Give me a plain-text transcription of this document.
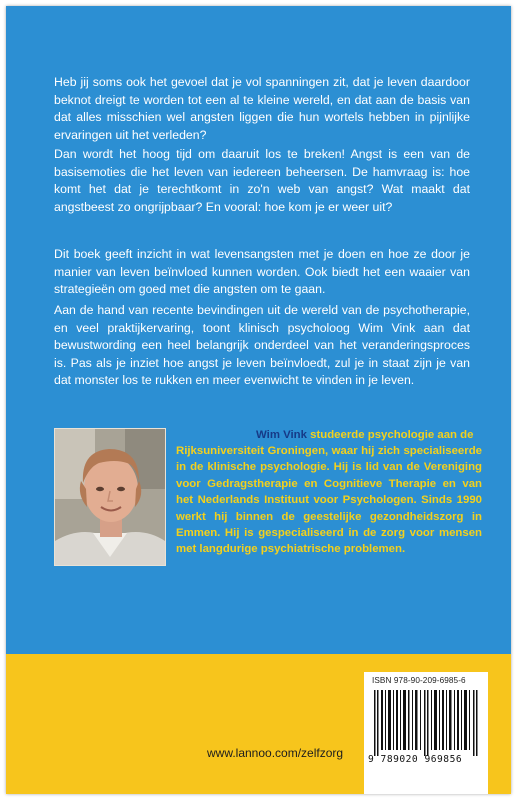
Heb jij soms ook het gevoel dat je vol spanningen zit, dat je leven daardoor beknot dreigt te worden tot een al te kleine wereld, en dat aan de basis van dat alles misschien wel angsten liggen die hun wortels hebben in pijnlijke ervaringen uit het verleden?

Dan wordt het hoog tijd om daaruit los te breken! Angst is een van de basisemoties die het leven van iedereen beheersen. De hamvraag is: hoe komt het dat je terechtkomt in zo'n web van angst? Wat maakt dat angstbeest zo ongrijpbaar? En vooral: hoe kom je er weer uit?

Dit boek geeft inzicht in wat levensangsten met je doen en hoe ze door je manier van leven beïnvloed kunnen worden. Ook biedt het een waaier van strategieën om goed met die angsten om te gaan.

Aan de hand van recente bevindingen uit de wereld van de psychotherapie, en veel praktijkervaring, toont klinisch psycholoog Wim Vink aan dat bewustwording een heel belangrijk onderdeel van het veranderingsproces is. Pas als je inziet hoe angst je leven beïnvloedt, zul je in staat zijn je van dat monster los te rukken en meer evenwicht te vinden in je leven.

Wim Vink studeerde psychologie aan de

Rijksuniversiteit Groningen, waar hij zich specialiseerde in de klinische psychologie. Hij is lid van de Vereniging voor Gedragstherapie en Cognitieve Therapie en van het Nederlands Instituut voor Psychologen. Sinds 1990 werkt hij binnen de geestelijke gezondheidszorg in Emmen. Hij is gespecialiseerd in de zorg voor mensen met langdurige psychiatrische problemen.

www.lannoo.com/zelfzorg
ISBN 978-90-209-6985-6
9 789020 969856
